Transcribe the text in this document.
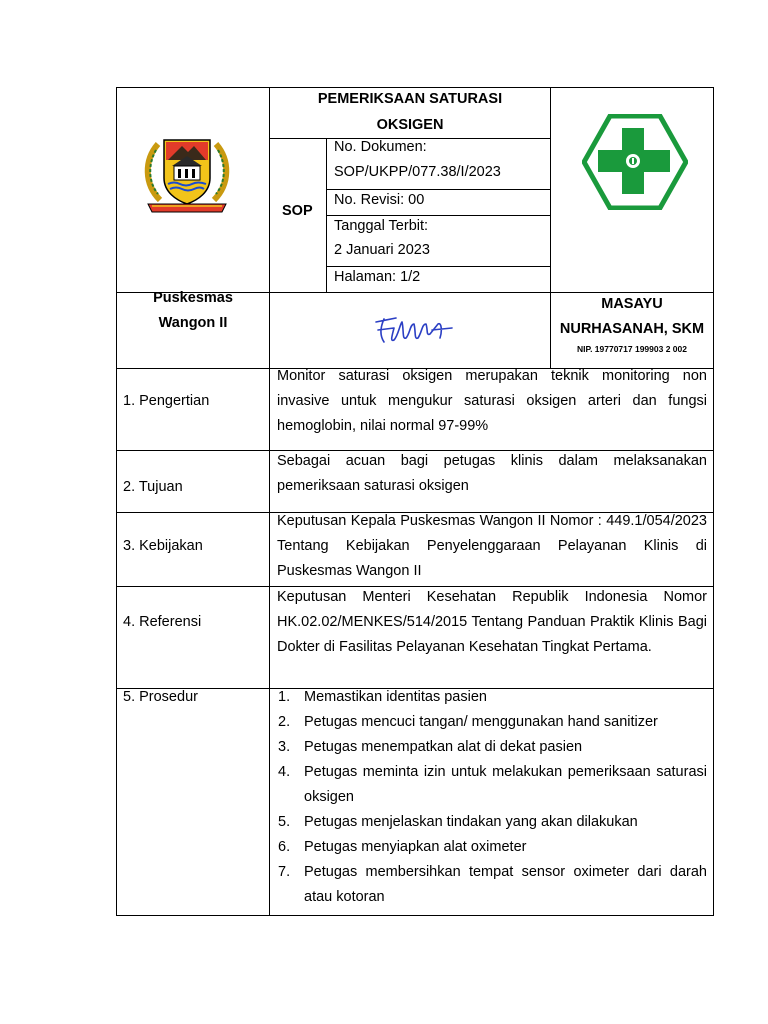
PEMERIKSAAN SATURASI
OKSIGEN
SOP
No. Dokumen:
SOP/UKPP/077.38/I/2023
No. Revisi: 00
Tanggal Terbit:
2 Januari 2023
Halaman: 1/2
Puskesmas
Wangon II
MASAYU
NURHASANAH, SKM
NIP. 19770717 199903 2 002
1. Pengertian
Monitor saturasi oksigen merupakan teknik monitoring non invasive untuk mengukur saturasi oksigen arteri dan fungsi hemoglobin, nilai normal 97-99%
2. Tujuan
Sebagai acuan bagi petugas klinis dalam melaksanakan pemeriksaan saturasi oksigen
3. Kebijakan
Keputusan Kepala Puskesmas Wangon II Nomor : 449.1/054/2023 Tentang Kebijakan Penyelenggaraan Pelayanan Klinis di Puskesmas Wangon II
4. Referensi
Keputusan Menteri Kesehatan Republik Indonesia Nomor HK.02.02/MENKES/514/2015 Tentang Panduan Praktik Klinis Bagi Dokter di Fasilitas Pelayanan Kesehatan Tingkat Pertama.
5. Prosedur	1. Memastikan identitas pasien
2. Petugas mencuci tangan/ menggunakan hand sanitizer
3. Petugas menempatkan alat di dekat pasien
4. Petugas meminta izin untuk melakukan pemeriksaan saturasi oksigen
5. Petugas menjelaskan tindakan yang akan dilakukan
6. Petugas menyiapkan alat oximeter
7. Petugas membersihkan tempat sensor oximeter dari darah atau kotoran
